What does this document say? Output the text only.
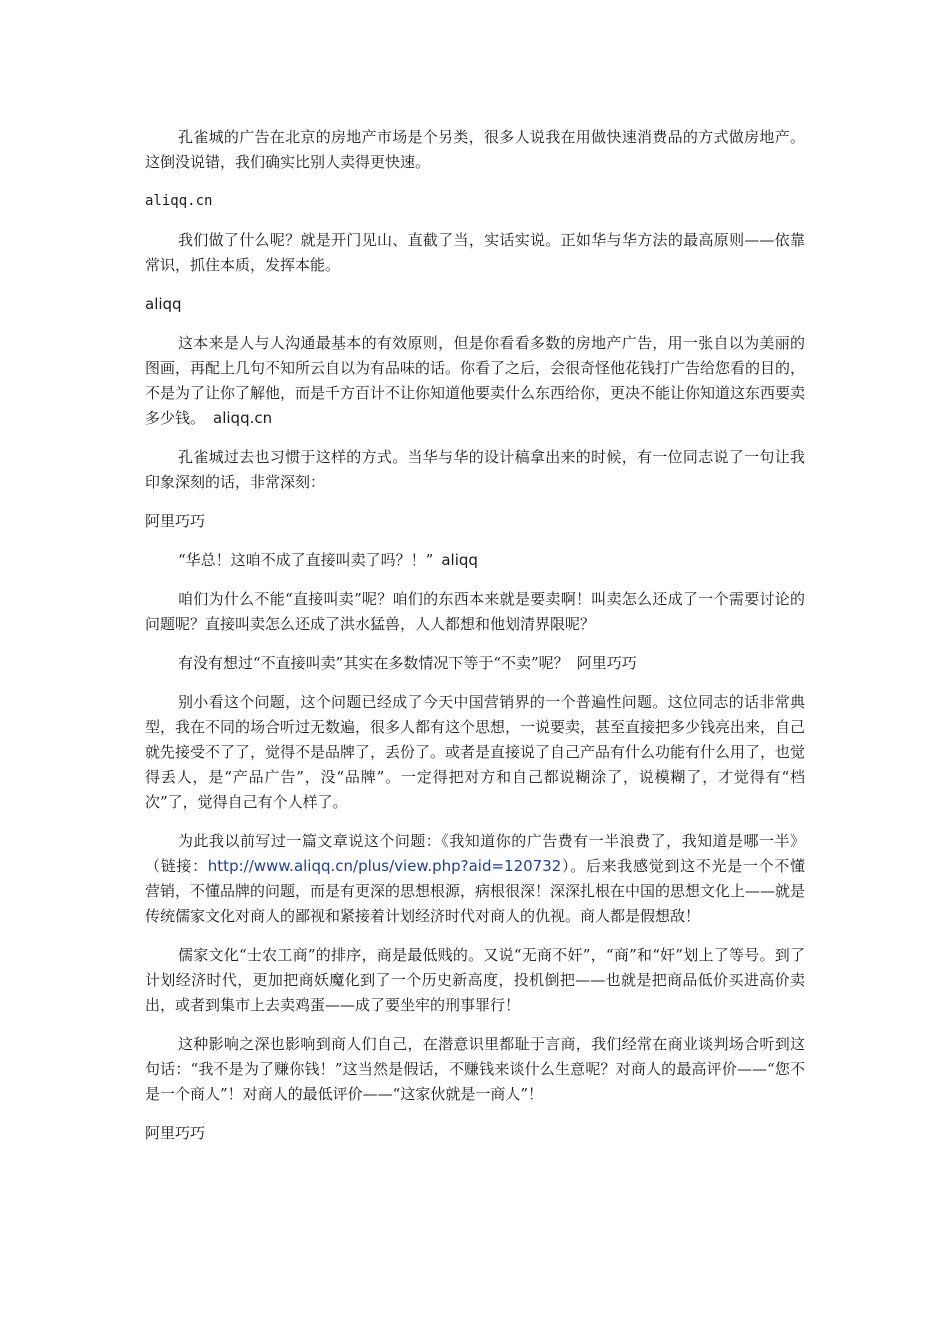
孔雀城的广告在北京的房地产市场是个另类，很多人说我在用做快速消费品的方式做房地产。这倒没说错，我们确实比别人卖得更快速。

aliqq.cn

我们做了什么呢？就是开门见山、直截了当，实话实说。正如华与华方法的最高原则——依靠常识，抓住本质，发挥本能。

aliqq

这本来是人与人沟通最基本的有效原则，但是你看看多数的房地产广告，用一张自以为美丽的图画，再配上几句不知所云自以为有品味的话。你看了之后，会很奇怪他花钱打广告给您看的目的，不是为了让你了解他，而是千方百计不让你知道他要卖什么东西给你，更决不能让你知道这东西要卖多少钱。 aliqq.cn

孔雀城过去也习惯于这样的方式。当华与华的设计稿拿出来的时候，有一位同志说了一句让我印象深刻的话，非常深刻：

阿里巧巧

“华总！这咱不成了直接叫卖了吗？！” aliqq

咱们为什么不能“直接叫卖”呢？咱们的东西本来就是要卖啊！叫卖怎么还成了一个需要讨论的问题呢？直接叫卖怎么还成了洪水猛兽，人人都想和他划清界限呢？

有没有想过“不直接叫卖”其实在多数情况下等于“不卖”呢？ 阿里巧巧

别小看这个问题，这个问题已经成了今天中国营销界的一个普遍性问题。这位同志的话非常典型，我在不同的场合听过无数遍，很多人都有这个思想，一说要卖，甚至直接把多少钱亮出来，自己就先接受不了了，觉得不是品牌了，丢份了。或者是直接说了自己产品有什么功能有什么用了，也觉得丢人，是“产品广告”，没“品牌”。一定得把对方和自己都说糊涂了，说模糊了，才觉得有“档次”了，觉得自己有个人样了。

为此我以前写过一篇文章说这个问题：《我知道你的广告费有一半浪费了，我知道是哪一半》（链接：http://www.aliqq.cn/plus/view.php?aid=120732）。后来我感觉到这不光是一个不懂营销，不懂品牌的问题，而是有更深的思想根源，病根很深！深深扎根在中国的思想文化上——就是传统儒家文化对商人的鄙视和紧接着计划经济时代对商人的仇视。商人都是假想敌！

儒家文化“士农工商”的排序，商是最低贱的。又说“无商不奸”，“商”和“奸”划上了等号。到了计划经济时代，更加把商妖魔化到了一个历史新高度，投机倒把——也就是把商品低价买进高价卖出，或者到集市上去卖鸡蛋——成了要坐牢的刑事罪行！

这种影响之深也影响到商人们自己，在潜意识里都耻于言商，我们经常在商业谈判场合听到这句话：“我不是为了赚你钱！”这当然是假话，不赚钱来谈什么生意呢？对商人的最高评价——“您不是一个商人”！对商人的最低评价——“这家伙就是一商人”！

阿里巧巧
